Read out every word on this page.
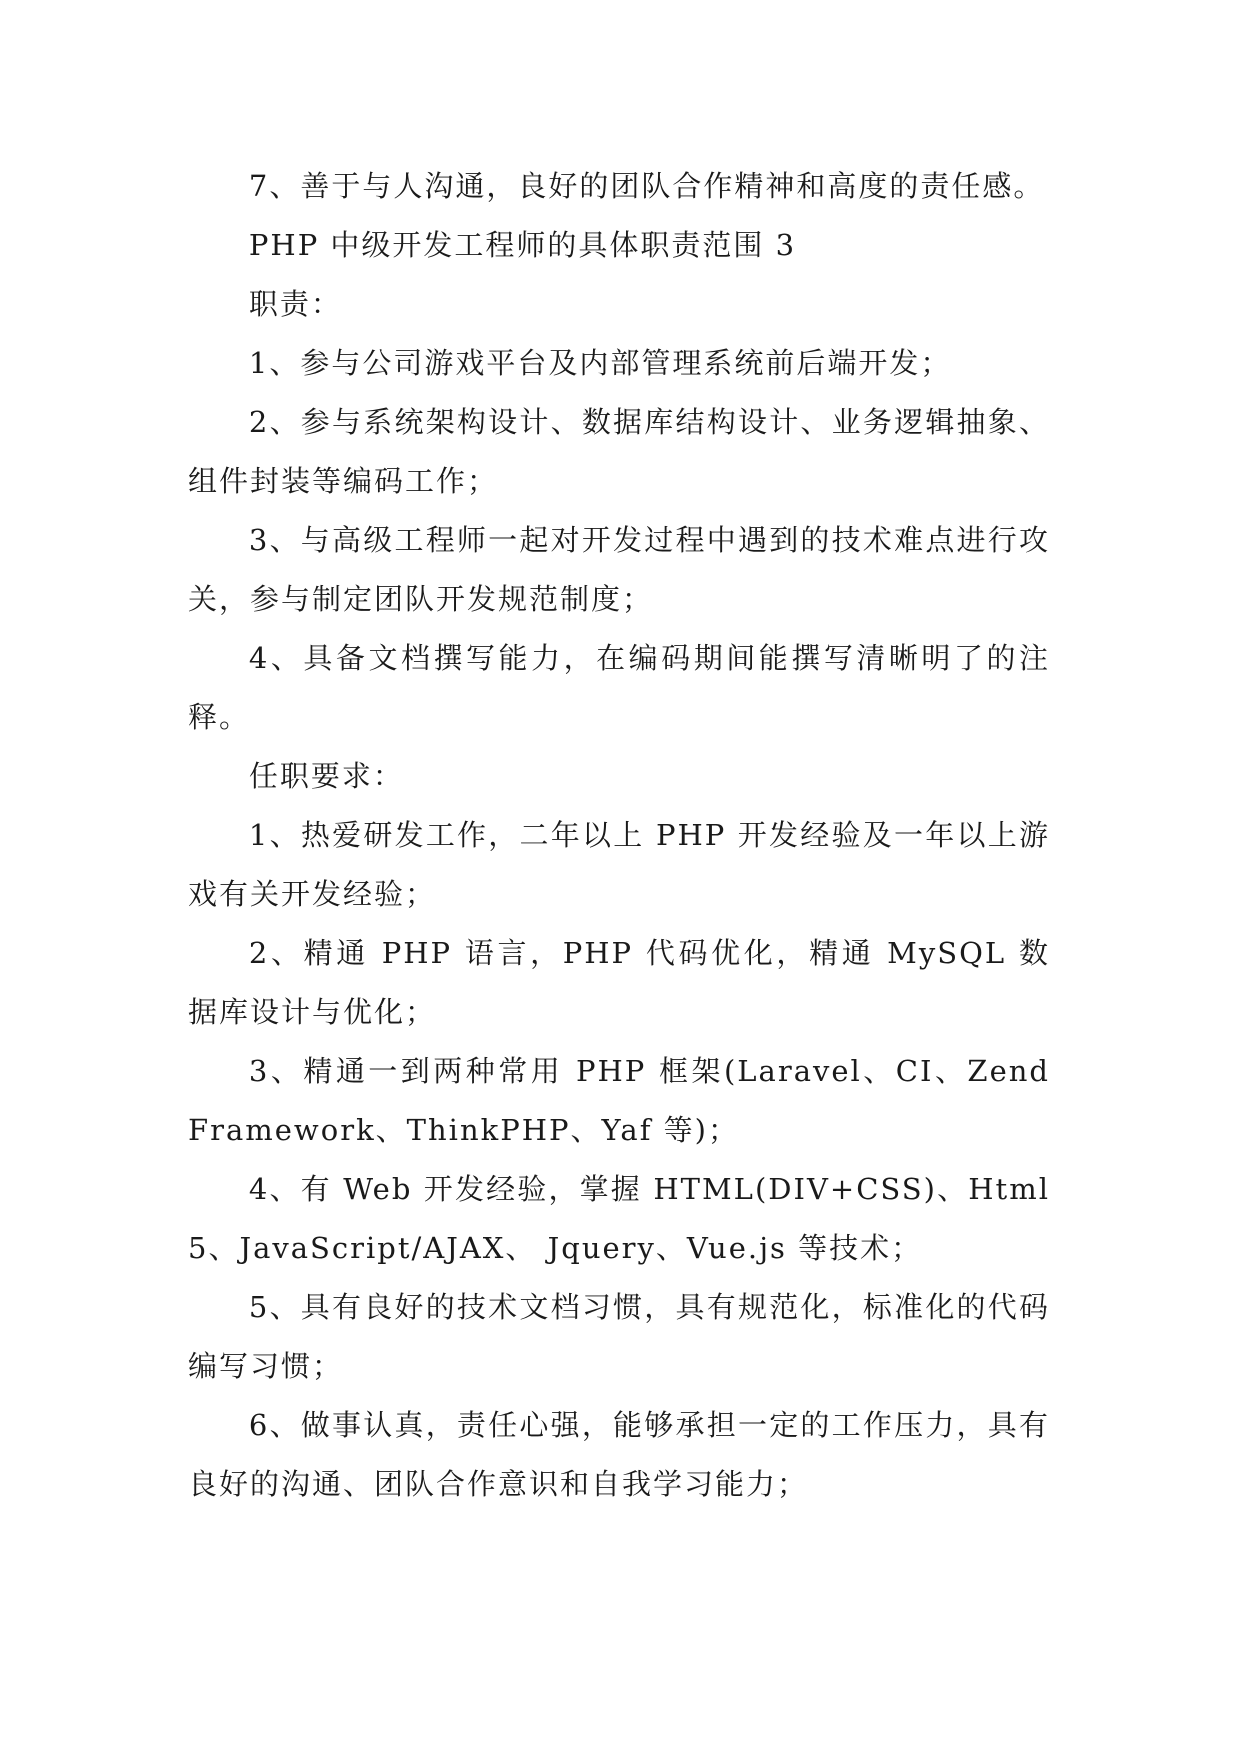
7、善于与人沟通，良好的团队合作精神和高度的责任感。

PHP 中级开发工程师的具体职责范围 3

职责：

1、参与公司游戏平台及内部管理系统前后端开发；

2、参与系统架构设计、数据库结构设计、业务逻辑抽象、组件封装等编码工作；

3、与高级工程师一起对开发过程中遇到的技术难点进行攻关，参与制定团队开发规范制度；

4、具备文档撰写能力，在编码期间能撰写清晰明了的注释。

任职要求：

1、热爱研发工作，二年以上 PHP 开发经验及一年以上游戏有关开发经验；

2、精通 PHP 语言，PHP 代码优化，精通 MySQL 数据库设计与优化；

3、精通一到两种常用 PHP 框架(Laravel、CI、Zend Framework、ThinkPHP、Yaf 等)；

4、有 Web 开发经验，掌握 HTML(DIV+CSS)、Html5、JavaScript/AJAX、 Jquery、Vue.js 等技术；

5、具有良好的技术文档习惯，具有规范化，标准化的代码编写习惯；

6、做事认真，责任心强，能够承担一定的工作压力，具有良好的沟通、团队合作意识和自我学习能力；
